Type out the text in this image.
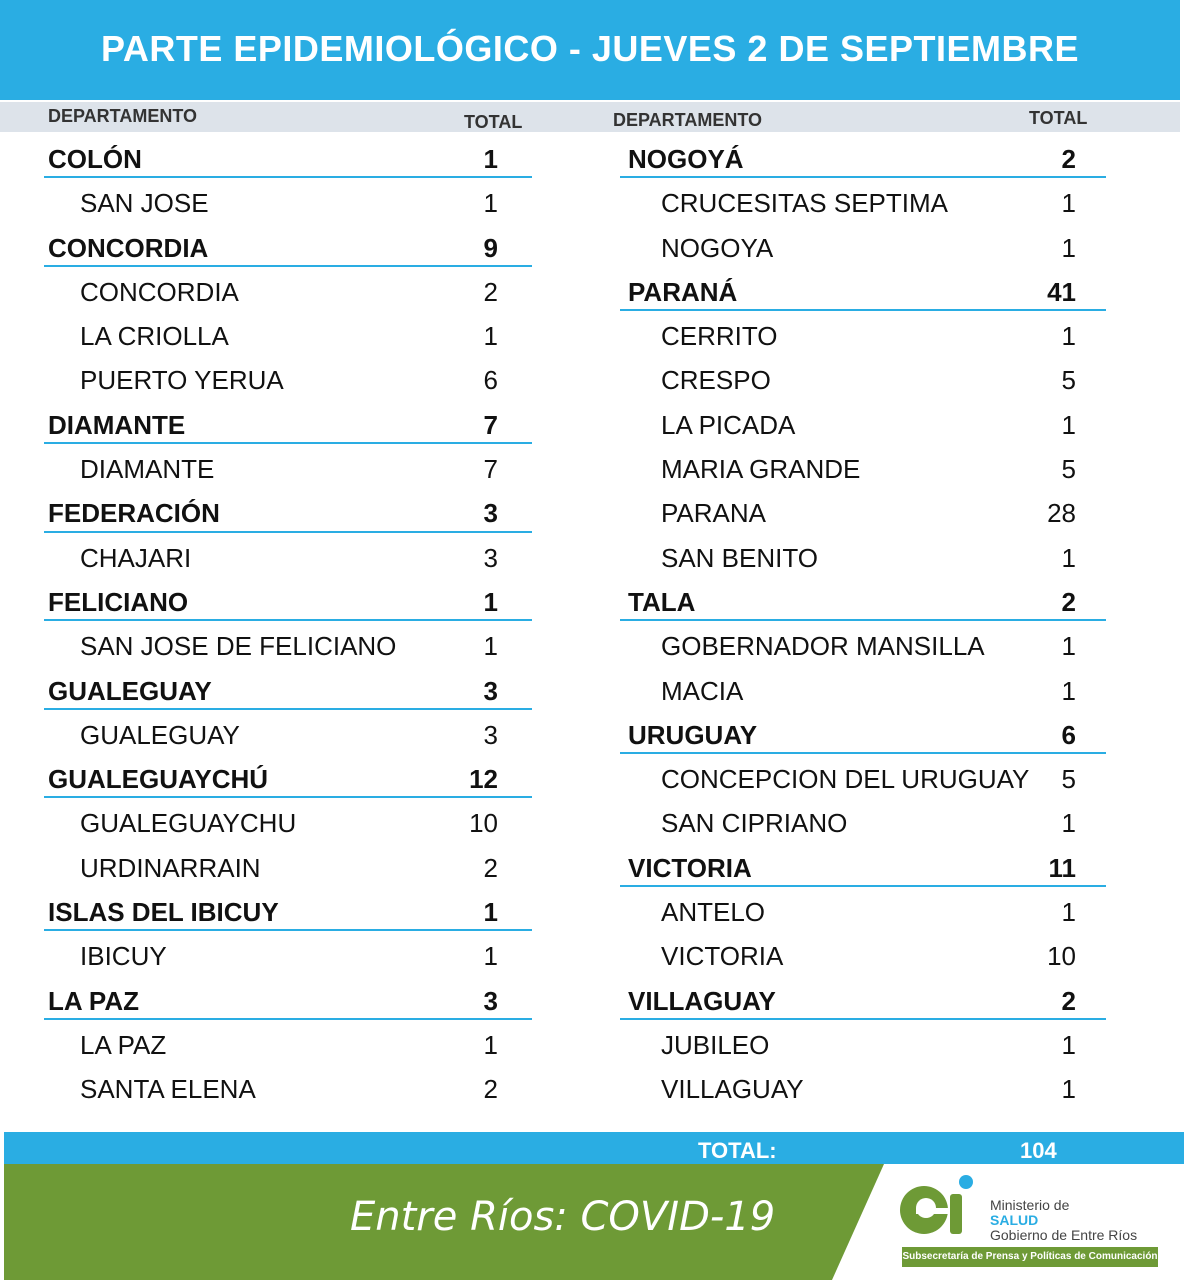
PARTE EPIDEMIOLÓGICO - JUEVES 2 DE SEPTIEMBRE
DEPARTAMENTO	TOTAL	DEPARTAMENTO	TOTAL
COLÓN	1
SAN JOSE	1
CONCORDIA	9
CONCORDIA	2
LA CRIOLLA	1
PUERTO YERUA	6
DIAMANTE	7
DIAMANTE	7
FEDERACIÓN	3
CHAJARI	3
FELICIANO	1
SAN JOSE DE FELICIANO	1
GUALEGUAY	3
GUALEGUAY	3
GUALEGUAYCHÚ	12
GUALEGUAYCHU	10
URDINARRAIN	2
ISLAS DEL IBICUY	1
IBICUY	1
LA PAZ	3
LA PAZ	1
SANTA ELENA	2
NOGOYÁ	2
CRUCESITAS SEPTIMA	1
NOGOYA	1
PARANÁ	41
CERRITO	1
CRESPO	5
LA PICADA	1
MARIA GRANDE	5
PARANA	28
SAN BENITO	1
TALA	2
GOBERNADOR MANSILLA	1
MACIA	1
URUGUAY	6
CONCEPCION DEL URUGUAY	5
SAN CIPRIANO	1
VICTORIA	11
ANTELO	1
VICTORIA	10
VILLAGUAY	2
JUBILEO	1
VILLAGUAY	1
TOTAL:	104
Entre Ríos: COVID-19	Ministerio de
SALUD
Gobierno de Entre Ríos
Subsecretaría de Prensa y Políticas de Comunicación
